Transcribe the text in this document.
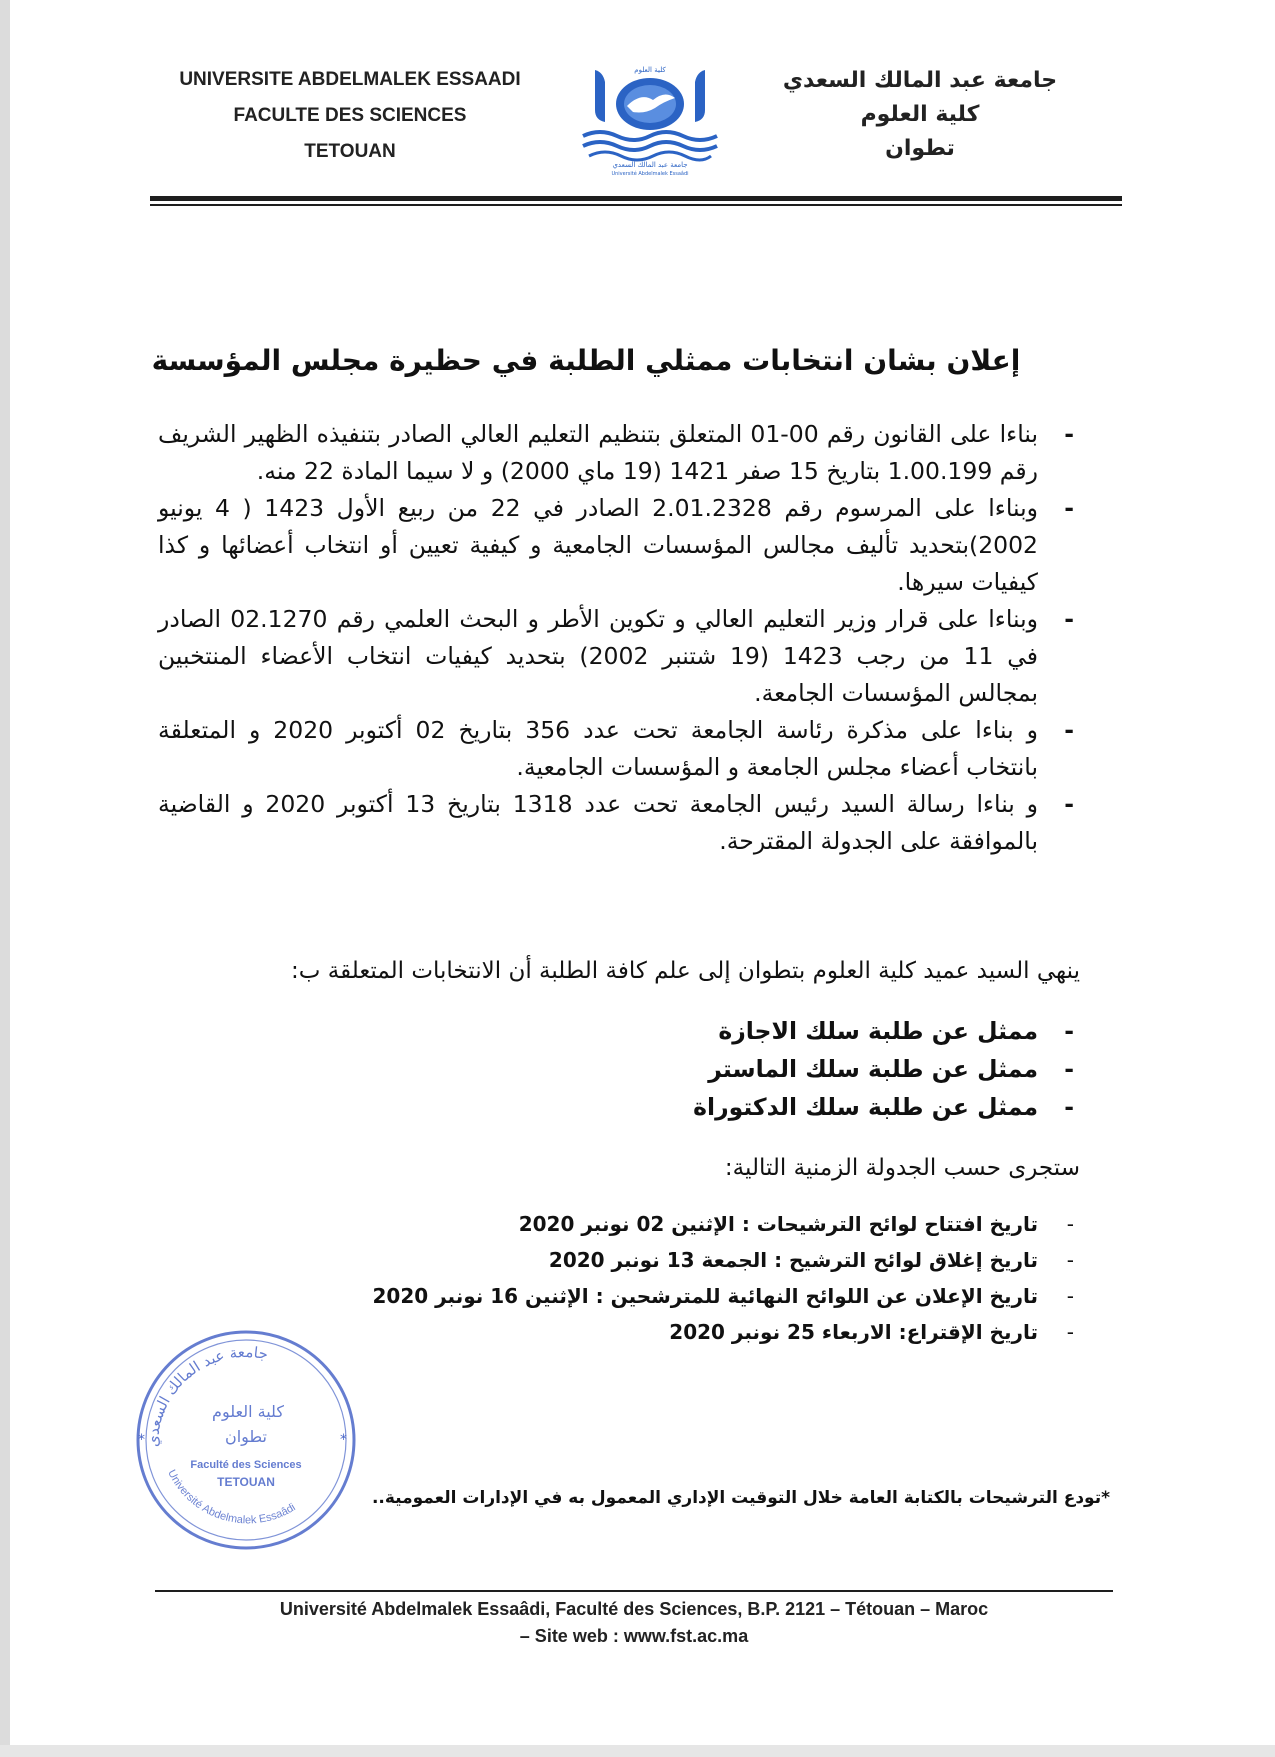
UNIVERSITE ABDELMALEK ESSAADI
FACULTE DES SCIENCES
TETOUAN
كلية العلوم
جامعة عبد المالك السعدي
Université Abdelmalek Essaâdi
جامعة عبد المالك السعدي
كلية العلوم
تطوان
إعلان بشان انتخابات ممثلي الطلبة في حظيرة مجلس المؤسسة
-
بناءا على القانون رقم 00-01 المتعلق بتنظيم التعليم العالي الصادر بتنفيذه الظهير الشريف رقم 1.00.199 بتاريخ 15 صفر 1421 (19 ماي 2000) و لا سيما المادة 22 منه.
-
وبناءا على المرسوم رقم 2.01.2328 الصادر في 22 من ربيع الأول 1423 ( 4 يونيو 2002)بتحديد تأليف مجالس المؤسسات الجامعية و كيفية تعيين أو انتخاب أعضائها و كذا كيفيات سيرها.
-
وبناءا على قرار وزير التعليم العالي و تكوين الأطر و البحث العلمي رقم 02.1270 الصادر في 11 من رجب 1423 (19 شتنبر 2002) بتحديد كيفيات انتخاب الأعضاء المنتخبين بمجالس المؤسسات الجامعة.
-
و بناءا على مذكرة رئاسة الجامعة تحت عدد 356 بتاريخ 02 أكتوبر 2020 و المتعلقة بانتخاب أعضاء مجلس الجامعة و المؤسسات الجامعية.
-
و بناءا رسالة السيد رئيس الجامعة تحت عدد 1318 بتاريخ 13 أكتوبر 2020 و القاضية بالموافقة على الجدولة المقترحة.
ينهي السيد عميد كلية العلوم بتطوان إلى علم كافة الطلبة أن الانتخابات المتعلقة ب:
-
ممثل عن طلبة سلك الاجازة
-
ممثل عن طلبة سلك الماستر
-
ممثل عن طلبة سلك الدكتوراة
ستجرى حسب الجدولة الزمنية التالية:
-
تاريخ افتتاح لوائح الترشيحات : الإثنين 02 نونبر 2020
-
تاريخ إغلاق لوائح الترشيح : الجمعة 13 نونبر 2020
-
تاريخ الإعلان عن اللوائح النهائية للمترشحين : الإثنين 16 نونبر 2020
-
تاريخ الإقتراع: الاربعاء 25 نونبر 2020
جامعة عبد المالك السعدي
كلية العلوم
تطوان
Faculté des Sciences
TETOUAN
Université Abdelmalek Essaâdi
*	*
*تودع الترشيحات بالكتابة العامة خلال التوقيت الإداري المعمول به في الإدارات العمومية..
Université Abdelmalek Essaâdi, Faculté des Sciences, B.P. 2121 – Tétouan – Maroc
– Site web : www.fst.ac.ma
